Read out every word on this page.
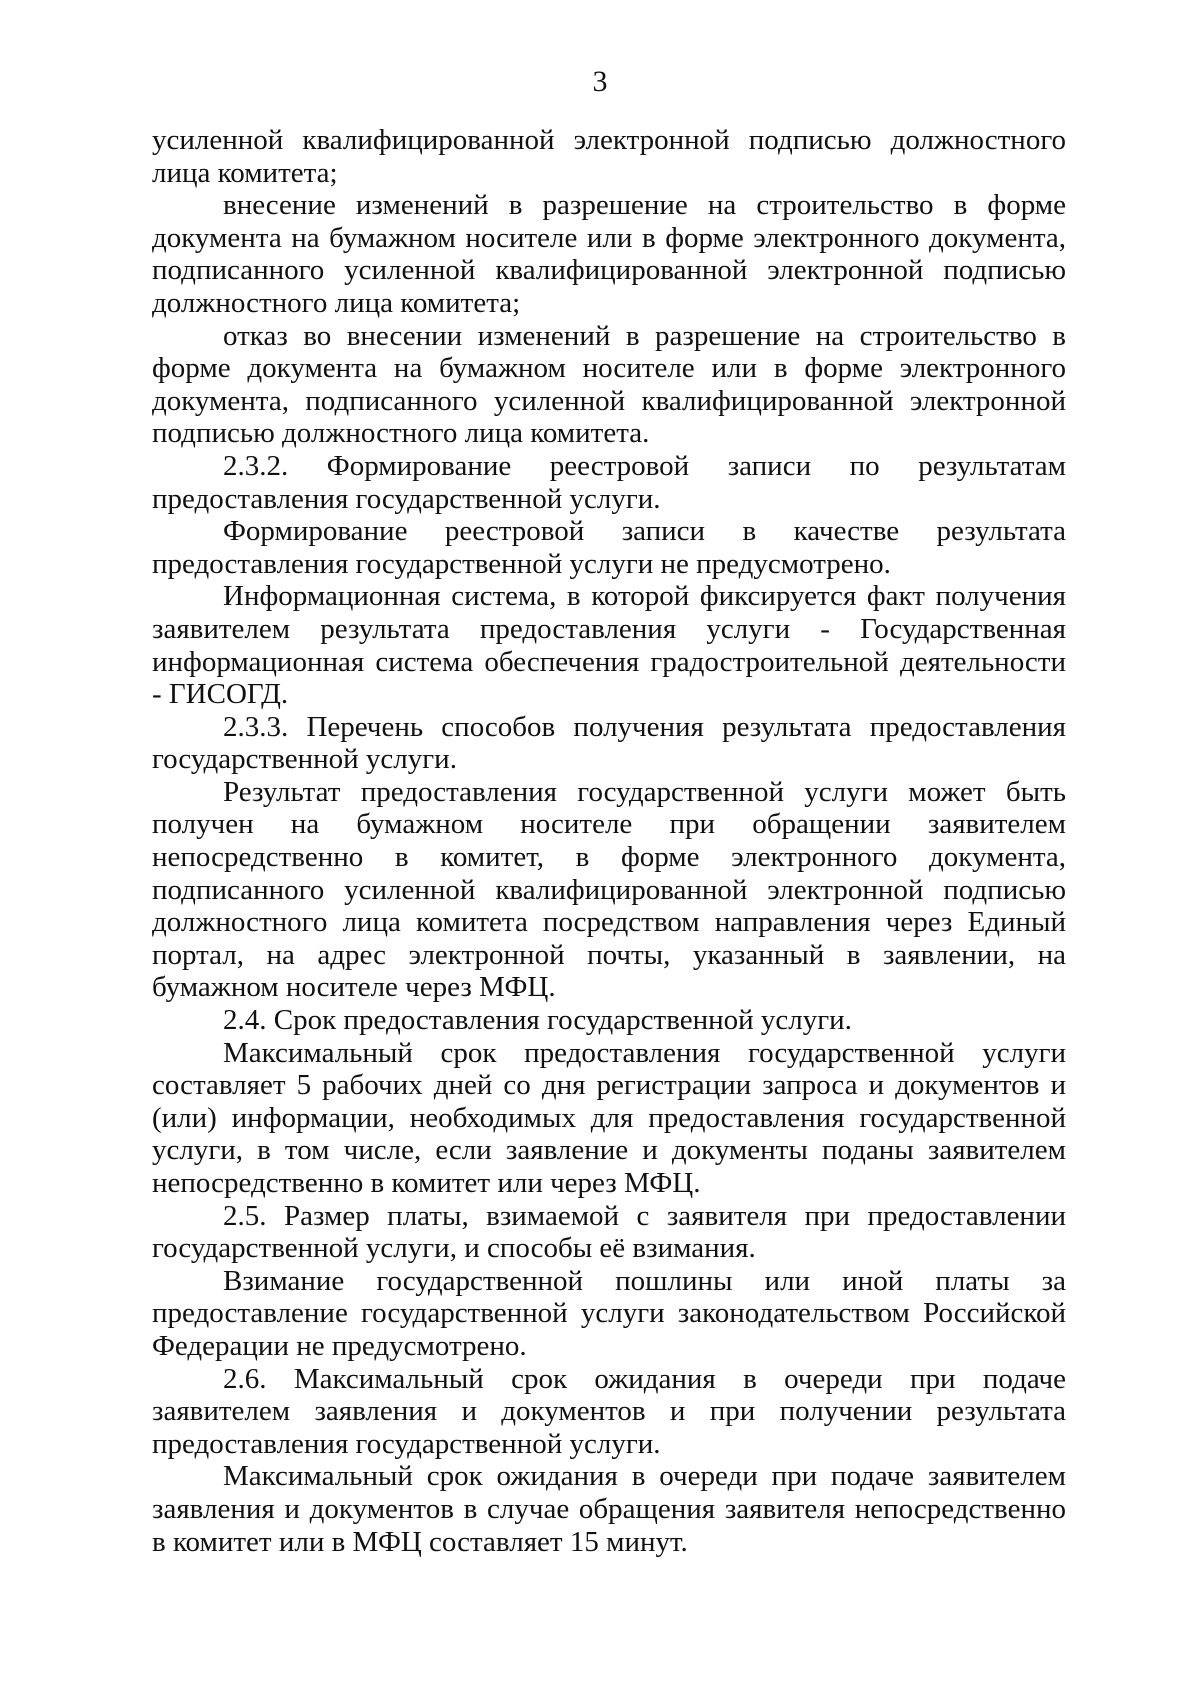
3

усиленной квалифицированной электронной подписью должностного лица комитета;

внесение изменений в разрешение на строительство в форме документа на бумажном носителе или в форме электронного документа, подписанного усиленной квалифицированной электронной подписью должностного лица комитета;

отказ во внесении изменений в разрешение на строительство в форме документа на бумажном носителе или в форме электронного документа, подписанного усиленной квалифицированной электронной подписью должностного лица комитета.

2.3.2. Формирование реестровой записи по результатам предоставления государственной услуги.

Формирование реестровой записи в качестве результата предоставления государственной услуги не предусмотрено.

Информационная система, в которой фиксируется факт получения заявителем результата предоставления услуги - Государственная информационная система обеспечения градостроительной деятельности - ГИСОГД.

2.3.3. Перечень способов получения результата предоставления государственной услуги.

Результат предоставления государственной услуги может быть получен на бумажном носителе при обращении заявителем непосредственно в комитет, в форме электронного документа, подписанного усиленной квалифицированной электронной подписью должностного лица комитета посредством направления через Единый портал, на адрес электронной почты, указанный в заявлении, на бумажном носителе через МФЦ.

2.4. Срок предоставления государственной услуги.

Максимальный срок предоставления государственной услуги составляет 5 рабочих дней со дня регистрации запроса и документов и (или) информации, необходимых для предоставления государственной услуги, в том числе, если заявление и документы поданы заявителем непосредственно в комитет или через МФЦ.

2.5. Размер платы, взимаемой с заявителя при предоставлении государственной услуги, и способы её взимания.

Взимание государственной пошлины или иной платы за предоставление государственной услуги законодательством Российской Федерации не предусмотрено.

2.6. Максимальный срок ожидания в очереди при подаче заявителем заявления и документов и при получении результата предоставления государственной услуги.

Максимальный срок ожидания в очереди при подаче заявителем заявления и документов в случае обращения заявителя непосредственно в комитет или в МФЦ составляет 15 минут.
